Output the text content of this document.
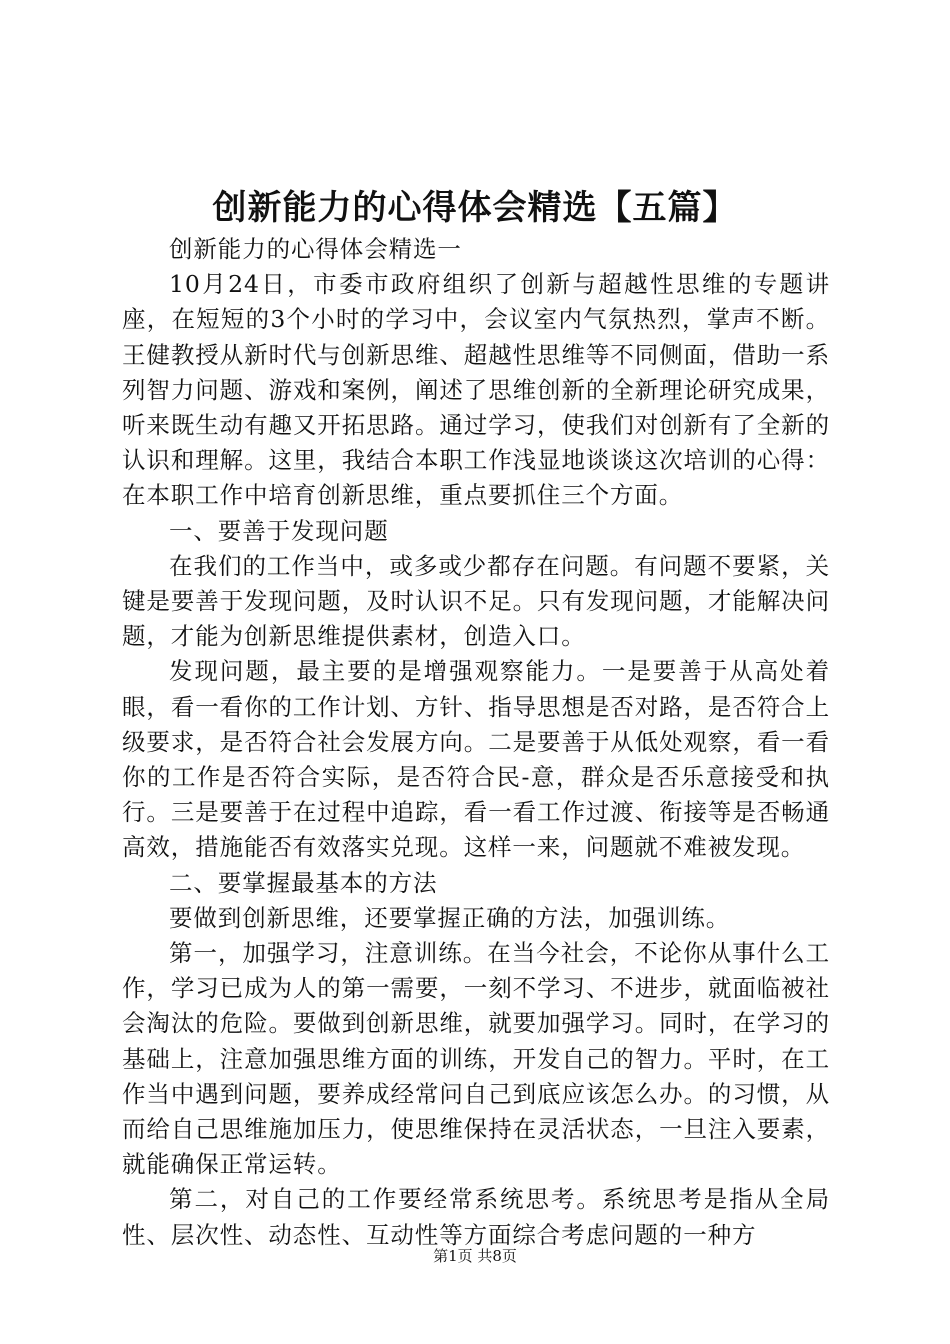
创新能力的心得体会精选【五篇】

创新能力的心得体会精选一

10月24日，市委市政府组织了创新与超越性思维的专题讲座，在短短的3个小时的学习中，会议室内气氛热烈，掌声不断。王健教授从新时代与创新思维、超越性思维等不同侧面，借助一系列智力问题、游戏和案例，阐述了思维创新的全新理论研究成果，听来既生动有趣又开拓思路。通过学习，使我们对创新有了全新的认识和理解。这里，我结合本职工作浅显地谈谈这次培训的心得：在本职工作中培育创新思维，重点要抓住三个方面。

一、要善于发现问题

在我们的工作当中，或多或少都存在问题。有问题不要紧，关键是要善于发现问题，及时认识不足。只有发现问题，才能解决问题，才能为创新思维提供素材，创造入口。

发现问题，最主要的是增强观察能力。一是要善于从高处着眼，看一看你的工作计划、方针、指导思想是否对路，是否符合上级要求，是否符合社会发展方向。二是要善于从低处观察，看一看你的工作是否符合实际，是否符合民-意，群众是否乐意接受和执行。三是要善于在过程中追踪，看一看工作过渡、衔接等是否畅通高效，措施能否有效落实兑现。这样一来，问题就不难被发现。

二、要掌握最基本的方法

要做到创新思维，还要掌握正确的方法，加强训练。

第一，加强学习，注意训练。在当今社会，不论你从事什么工作，学习已成为人的第一需要，一刻不学习、不进步，就面临被社会淘汰的危险。要做到创新思维，就要加强学习。同时，在学习的基础上，注意加强思维方面的训练，开发自己的智力。平时，在工作当中遇到问题，要养成经常问自己到底应该怎么办。的习惯，从而给自己思维施加压力，使思维保持在灵活状态，一旦注入要素，就能确保正常运转。

第二，对自己的工作要经常系统思考。系统思考是指从全局性、层次性、动态性、互动性等方面综合考虑问题的一种方

第1页 共8页
